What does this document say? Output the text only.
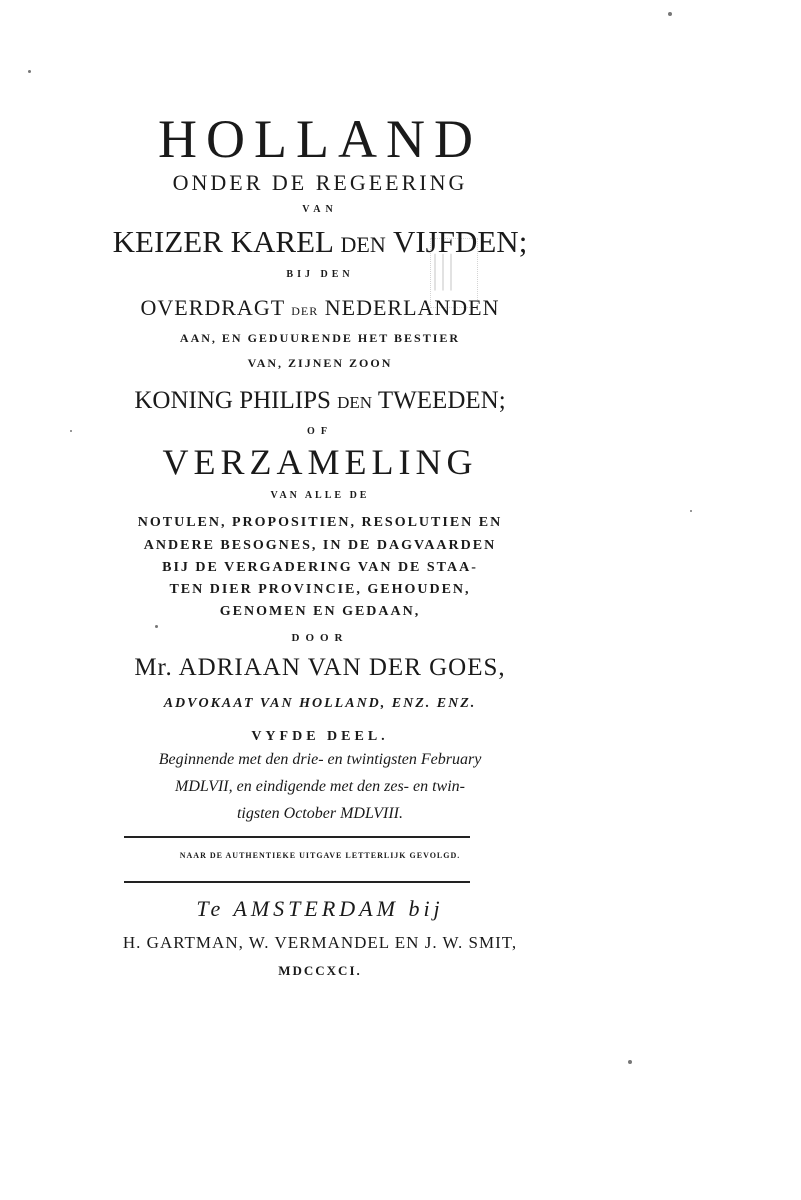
|||
HOLLAND
ONDER DE REGEERING
VAN
KEIZER KAREL DEN VIJFDEN;
BIJ DEN
OVERDRAGT DER NEDERLANDEN
AAN, EN GEDUURENDE HET BESTIER
VAN, ZIJNEN ZOON
KONING PHILIPS DEN TWEEDEN;
OF
VERZAMELING
VAN ALLE DE
NOTULEN, PROPOSITIEN, RESOLUTIEN EN
ANDERE BESOGNES, IN DE DAGVAARDEN
BIJ DE VERGADERING VAN DE STAA-
TEN DIER PROVINCIE, GEHOUDEN,
GENOMEN EN GEDAAN,
DOOR
Mr. ADRIAAN VAN DER GOES,
ADVOKAAT VAN HOLLAND, ENZ. ENZ.
VYFDE DEEL.
Beginnende met den drie- en twintigsten February
MDLVII, en eindigende met den zes- en twin-
tigsten October MDLVIII.
NAAR DE AUTHENTIEKE UITGAVE LETTERLIJK GEVOLGD.
Te AMSTERDAM bij
H. GARTMAN, W. VERMANDEL EN J. W. SMIT,
MDCCXCI.
